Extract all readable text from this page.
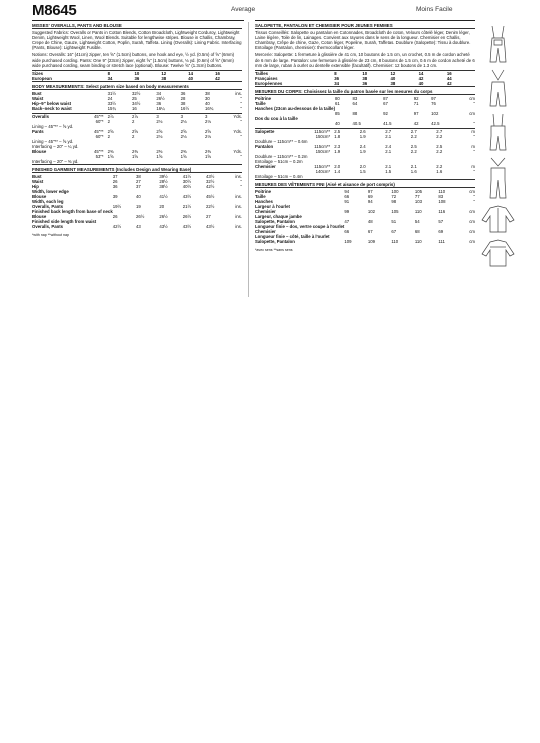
M8645	Average	Moins Facile
MISSES' OVERALLS, PANTS AND BLOUSE
Suggested Fabrics: Overalls or Pants in Cotton Blends, Cotton Broadcloth, Lightweight Corduroy, Lightweight Denim, Lightweight Wool, Linen, Wool Blends. Suitable for lengthwise stripes. Blouse in Challis, Chambray, Crepe de Chine, Gauze, Lightweight Cotton, Poplin, Surah, Taffeta. Lining (Overalls): Lining Fabric. Interfacing (Pants, Blouse): Lightweight Fusible.
Notions: Overalls: 16" (41cm) zipper, ten ⅝" (1.5cm) buttons, one hook and eye, ½ yd. (0.5m) of ⅝" (6mm) wide purchased cording. Pants: One 9" (23cm) zipper, eight ⅝" (1.5cm) buttons, ⅛ yd. (0.6m) of ⅝" (6mm) wide purchased cording, seam binding or stretch lace (optional). Blouse: Twelve ⅝" (1.3cm) buttons.
Sizes	8	10	12	14	16
European	34	36	38	40	42
BODY MEASUREMENTS: Select pattern size based on body measurements
Bust	31½	32½	34	36	38	ins.
Waist	24	25	26½	28	30	"
Hip–9" below waist	33½	34½	36	38	40	"
Back–neck to waist	15¾	16	16¼	16½	16¾	"
Overalls 45"**	2⅞	2⅞	3	3	3	Yds.

60"*	2	2	2⅛	2⅛	2⅛	"
Lining – 45"** – ⅝ yd.						
Pants 45"**	2⅝	2⅝	2⅝	2⅝	2⅝	Yds.

60"*	2	2	2⅛	2⅛	2⅛	"
Lining – 45"** – ⅝ yd.						
Interfacing – 20" – ¼ yd.						
Blouse 45"**	2⅜	2⅜	2⅜	2⅜	2⅜	Yds.

53"*	1⅝	1⅝	1⅝	1⅝	1⅝	"
Interfacing – 20" – ⅜ yd.						
FINISHED GARMENT MEASUREMENTS (Includes Design and Wearing Ease)
Bust	37	38	39½	41½	43½	ins.
Waist	26	27	28½	30½	32½	"
Hip	36	37	38½	40½	42½	"
Width, lower edge						
Blouse	39	40	41½	43½	45½	ins.
Width, each leg						
Overalls, Pants	19½	19	20	21½	22½	ins.
Finished back length from base of neck						
Blouse	26	26½	26½	26½	27	ins.
Finished side length from waist						
Overalls, Pants	42½	43	43½	43½	43½	ins.
*with nap **without nap
SALOPETTE, PANTALON ET CHEMISIER POUR JEUNES FEMMES
Tissus Conseillés: Salopette ou pantalon en Cotonnades, Broadcloth de coton, Velours côtelé léger, Denim léger, Laine légère, Toile de lin, Lainages. Convient aux rayures dans le sens de la longueur. Chemisier en Challis, Chambray, Crêpe de chine, Gaze, Coton léger, Popeline, Surah, Taffetas. Doublure (Salopette): Tissu à doublure. Entoilage (Pantalon, chemisier): thermocollant léger.
Mercerie: Salopette: 1 fermeture à glissière de 41 cm, 10 boutons de 1.5 cm, un crochet, 0.5 m de cordon acheté de 6 mm de large. Pantalon: une fermeture à glissière de 23 cm, 8 boutons de 1.5 cm, 0.6 m de cordon acheté de 6 mm de large, ruban à ourlet ou dentelle extensible (facultatif). Chemisier: 12 boutons de 1.3 cm.
Tailles	8	10	12	14	16
Françaises	36	38	40	42	44
Européennes	34	36	38	40	42
MESURES DU CORPS: Choisissez la taille du patron basée sur les mesures du corps
Poitrine	80	83	87	92	97	cm
Taille	61	64	67	71	76	"
Hanches (23cm au-dessous de la taille)						
	85	88	92	97	102	cm
Dos du cou à la taille						
	40	40.5	41.5	42	42.5	"
Salopette 115cm**	2.5	2.6	2.7	2.7	2.7	m

150cm*	1.8	1.9	2.1	2.2	2.2	"
Doublure – 115cm** – 0.6m						
Pantalon 115cm**	2.3	2.4	2.4	2.5	2.5	m

150cm*	1.9	1.9	2.1	2.2	2.2	"
Doublure – 115cm** – 0.2m						
Entoilage – 51cm – 0.2m						
Chemisier 115cm**	2.0	2.0	2.1	2.1	2.2	m

140cm*	1.4	1.5	1.5	1.6	1.6	"
Entoilage – 51cm – 0.4m						
MESURES DES VÊTEMENTS FINI (Aisé et aisance de port compris)
Poitrine	94	97	100	105	110	cm
Taille	66	69	72	77	83	"
Hanches	91	94	98	103	108	"
Largeur à l'ourlet						
Chemisier	99	102	105	110	116	cm
Largeur, chaque jambe						
Salopette, Pantalon	47	48	51	54	57	cm
Longueur finie – dos, vertre coupe à l'ourlet						
Chemisier	66	67	67	68	69	cm
Longueur finie – côté, taille à l'ourlet						
Salopette, Pantalon	109	109	110	110	111	cm
*avec sens **sans sens
